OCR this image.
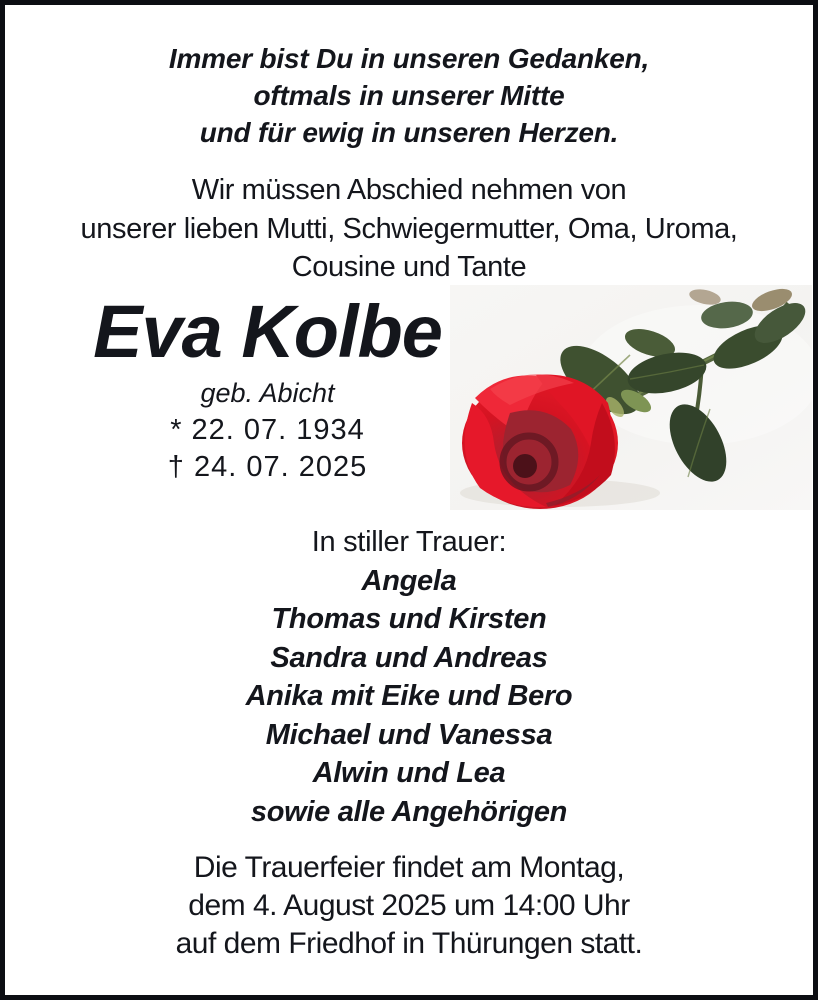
Immer bist Du in unseren Gedanken,
oftmals in unserer Mitte
und für ewig in unseren Herzen.
Wir müssen Abschied nehmen von
unserer lieben Mutti, Schwiegermutter, Oma, Uroma,
Cousine und Tante
Eva Kolbe
geb. Abicht
* 22. 07. 1934
† 24. 07. 2025
In stiller Trauer:
Angela
Thomas und Kirsten
Sandra und Andreas
Anika mit Eike und Bero
Michael und Vanessa
Alwin und Lea
sowie alle Angehörigen
Die Trauerfeier findet am Montag,
dem 4. August 2025 um 14:00 Uhr
auf dem Friedhof in Thürungen statt.
